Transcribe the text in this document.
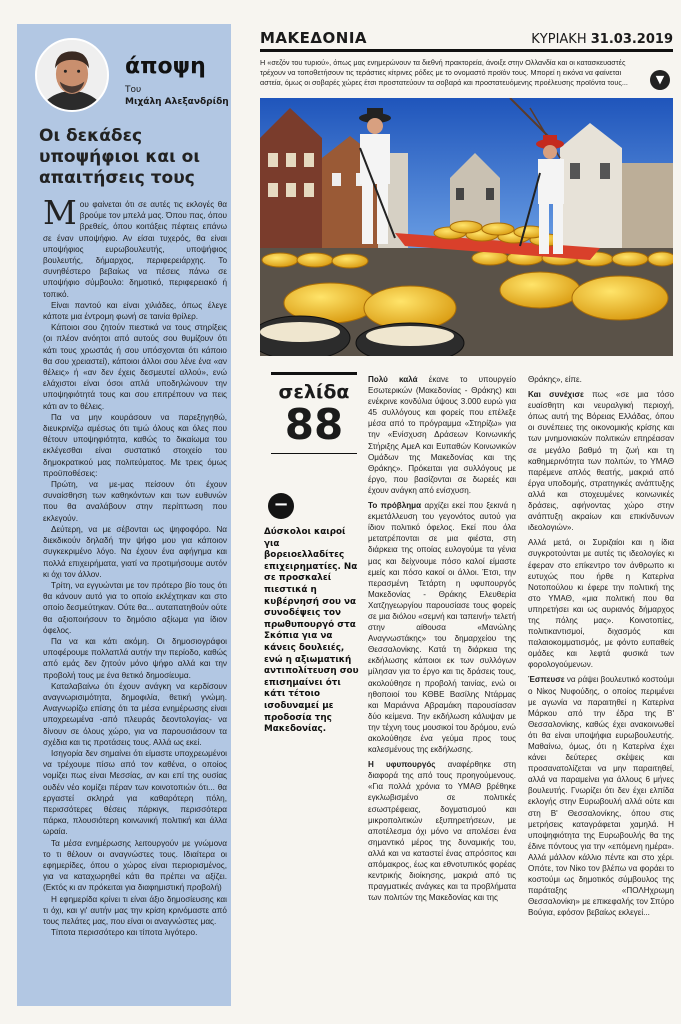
άποψη
Του
Μιχάλη Αλεξανδρίδη
Οι δεκάδες υποψήφιοι και οι απαιτήσεις τους

Μου φαίνεται ότι σε αυτές τις εκλογές θα βρούμε τον μπελά μας. Όπου πας, όπου βρεθείς, όπου κοιτάξεις πέφτεις επάνω σε έναν υποψήφιο. Αν είσαι τυχερός, θα είναι υποψήφιος ευρωβουλευτής, υποψήφιος βουλευτής, δήμαρχος, περιφερειάρχης. Το συνηθέστερο βεβαίως να πέσεις πάνω σε υποψήφιο σύμβουλο: δημοτικό, περιφερειακό ή τοπικό.

Είναι παντού και είναι χιλιάδες, όπως έλεγε κάποτε μια έντρομη φωνή σε ταινία θρίλερ.

Κάποιοι σου ζητούν πιεστικά να τους στηρίξεις (οι πλέον ανόητοι από αυτούς σου θυμίζουν ότι κάτι τους χρωστάς ή σου υπόσχονται ότι κάποιο θα σου χρειαστεί), κάποιοι άλλοι σου λένε ένα «αν θέλεις» ή «αν δεν έχεις δεσμευτεί αλλού», ενώ ελάχιστοι είναι όσοι απλά υποδηλώνουν την υποψηφιότητά τους και σου επιτρέπουν να πεις κάτι αν το θέλεις.

Πα να μην κουράσουν να παρεξηγηθώ, διευκρινίζω αμέσως ότι τιμώ όλους και όλες που θέτουν υποψηφιότητα, καθώς το δικαίωμα του εκλέγεσθαι είναι συστατικό στοιχείο του δημοκρατικού μας πολιτεύματος. Με τρεις όμως προϋποθέσεις:

Πρώτη, να με-μας πείσουν ότι έχουν συναίσθηση των καθηκόντων και των ευθυνών που θα αναλάβουν στην περίπτωση που εκλεγούν.

Δεύτερη, να με σέβονται ως ψηφοφόρο. Να διεκδικούν δηλαδή την ψήφο μου για κάποιον συγκεκριμένο λόγο. Να έχουν ένα αφήγημα και πολλά επιχειρήματα, γιατί να προτιμήσουμε αυτόν κι όχι τον άλλον.

Τρίτη, να εγγυώνται με τον πρότερο βίο τους ότι θα κάνουν αυτό για το οποίο εκλέχτηκαν και στο οποίο δεσμεύτηκαν. Ούτε θα... αυταπατηθούν ούτε θα αξιοποιήσουν το δημόσιο αξίωμα για ίδιον όφελος.

Πα να και κάτι ακόμη. Οι δημοσιογράφοι υποφέρουμε πολλαπλά αυτήν την περίοδο, καθώς από εμάς δεν ζητούν μόνο ψήφο αλλά και την προβολή τους με ένα θετικό δημοσίευμα.

Καταλαβαίνω ότι έχουν ανάγκη να κερδίσουν αναγνωρισιμότητα, δημοφιλία, θετική γνώμη. Αναγνωρίζω επίσης ότι τα μέσα ενημέρωσης είναι υποχρεωμένα -από πλευράς δεοντολογίας- να δίνουν σε όλους χώρο, για να παρουσιάσουν τα σχέδια και τις προτάσεις τους. Αλλά ως εκεί.

Ισηγορία δεν σημαίνει ότι είμαστε υποχρεωμένοι να τρέχουμε πίσω από τον καθένα, ο οποίος νομίζει πως είναι Μεσσίας, αν και επί της ουσίας ουδέν νέο κομίζει πέραν των κοινοτοπιών ότι... θα εργαστεί σκληρά για καθαρότερη πόλη, περισσότερες θέσεις πάρκιγκ, περισσότερα πάρκα, πλουσιότερη κοινωνική πολιτική και άλλα ωραία.

Τα μέσα ενημέρωσης λειτουργούν με γνώμονα το τι θέλουν οι αναγνώστες τους. Ιδιαίτερα οι εφημερίδες, όπου ο χώρος είναι περιορισμένος, για να καταχωρηθεί κάτι θα πρέπει να αξίζει. (Εκτός κι αν πρόκειται για διαφημιστική προβολή)

Η εφημερίδα κρίνει τι είναι άξιο δημοσίευσης και τι όχι, και γι' αυτήν μας την κρίση κρινόμαστε από τους πελάτες μας, που είναι οι αναγνώστες μας.

Τίποτα περισσότερο και τίποτα λιγότερο.

ΜΑΚΕΔΟΝΙΑ	ΚΥΡΙΑΚΗ 31.03.2019
Η «σεζόν του τυριού», όπως μας ενημερώνουν τα διεθνή πρακτορεία, άνοιξε στην Ολλανδία και οι κατασκευαστές τρέχουν να τοποθετήσουν τις τεράστιες κίτρινες ρόδες με το ονομαστό προϊόν τους. Μπορεί η εικόνα να φαίνεται αστεία, όμως οι σοβαρές χώρες έτσι προστατεύουν τα σοβαρά και προστατευόμενης προέλευσης προϊόντα τους...	▼
σελίδα
88
−
Δύσκολοι καιροί για βορειοελλαδίτες επιχειρηματίες. Να σε προσκαλεί πιεστικά η κυβέρνησή σου να συνοδέψεις τον πρωθυπουργό στα Σκόπια για να κάνεις δουλειές, ενώ η αξιωματική αντιπολίτευση σου επισημαίνει ότι κάτι τέτοιο ισοδυναμεί με προδοσία της Μακεδονίας.

Πολύ καλά έκανε το υπουργείο Εσωτερικών (Μακεδονίας - Θράκης) και ενέκρινε κονδύλια ύψους 3.000 ευρώ για 45 συλλόγους και φορείς που επέλεξε μέσα από το πρόγραμμα «Στηρίζω» για την «Ενίσχυση Δράσεων Κοινωνικής Στήριξης ΑμεΑ και Ευπαθών Κοινωνικών Ομάδων της Μακεδονίας και της Θράκης». Πρόκειται για συλλόγους με έργο, που βασίζονται σε δωρεές και έχουν ανάγκη από ενίσχυση.

Το πρόβλημα αρχίζει εκεί που ξεκινά η εκμετάλλευση του γεγονότος αυτού για ίδιον πολιτικό όφελος. Εκεί που όλα μετατρέπονται σε μια φιέστα, στη διάρκεια της οποίας ευλογούμε τα γένια μας και δείχνουμε πόσο καλοί είμαστε εμείς και πόσο κακοί οι άλλοι. Έτσι, την περασμένη Τετάρτη η υφυπουργός Μακεδονίας - Θράκης Ελευθερία Χατζηγεωργίου παρουσίασε τους φορείς σε μια διόλου «σεμνή και ταπεινή» τελετή στην αίθουσα «Μανώλης Αναγνωστάκης» του δημαρχείου της Θεσσαλονίκης. Κατά τη διάρκεια της εκδήλωσης κάποιοι εκ των συλλόγων μίλησαν για το έργο και τις δράσεις τους, ακολούθησε η προβολή ταινίας, ενώ οι ηθοποιοί του ΚΘΒΕ Βασίλης Ντάρμας και Μαριάννα Αβραμάκη παρουσίασαν δύο κείμενα. Την εκδήλωση κάλυψαν με την τέχνη τους μουσικοί του δρόμου, ενώ ακολούθησε ένα γεύμα προς τους καλεσμένους της εκδήλωσης.

Η υφυπουργός αναφέρθηκε στη διαφορά της από τους προηγούμενους. «Για πολλά χρόνια το ΥΜΑΘ βρέθηκε εγκλωβισμένο σε πολιτικές εσωστρέφειας, δογματισμού και μικροπολιτικών εξυπηρετήσεων, με αποτέλεσμα όχι μόνο να απολέσει ένα σημαντικό μέρος της δυναμικής του, αλλά και να καταστεί ένας απρόσιτος και απόμακρος, έως και εθνοτυπικός φορέας κεντρικής διοίκησης, μακριά από τις πραγματικές ανάγκες και τα προβλήματα των πολιτών της Μακεδονίας και της

Θράκης», είπε.

Και συνέχισε πως «σε μια τόσο ευαίσθητη και νευραλγική περιοχή, όπως αυτή της Βόρειας Ελλάδας, όπου οι συνέπειες της οικονομικής κρίσης και των μνημονιακών πολιτικών επηρέασαν σε μεγάλο βαθμό τη ζωή και τη καθημερινότητα των πολιτών, το ΥΜΑΘ παρέμενε απλός θεατής, μακριά από έργα υποδομής, στρατηγικές ανάπτυξης αλλά και στοχευμένες κοινωνικές δράσεις, αφήνοντας χώρο στην ανάπτυξη ακραίων και επικίνδυνων ιδεολογιών».

Αλλά μετά, οι Συριζαίοι και η ίδια συγκροτούνται με αυτές τις ιδεολογίες κι έφεραν στο επίκεντρο τον άνθρωπο κι ευτυχώς που ήρθε η Κατερίνα Νοτοπούλου κι έφερε την πολιτική της στο ΥΜΑΘ, «μια πολιτική που θα υπηρετήσει και ως αυριανός δήμαρχος της πόλης μας». Κοινοτοπίες, πολιτικαντισμοί, διχασμός και παλαιοκομματισμός, με φόντο ευπαθείς ομάδες και λεφτά φυσικά των φορολογούμενων.

Έσπευσε να ράψει βουλευτικό κοστούμι ο Νίκος Νυφούδης, ο οποίος περιμένει με αγωνία να παραιτηθεί η Κατερίνα Μάρκου από την έδρα της Β' Θεσσαλονίκης, καθώς έχει ανακοινωθεί ότι θα είναι υποψήφια ευρωβουλευτής. Μαθαίνω, όμως, ότι η Κατερίνα έχει κάνει δεύτερες σκέψεις και προσανατολίζεται να μην παραιτηθεί, αλλά να παραμείνει για άλλους 6 μήνες βουλευτής. Γνωρίζει ότι δεν έχει ελπίδα εκλογής στην Ευρωβουλή αλλά ούτε και στη Β' Θεσσαλονίκης, όπου στις μετρήσεις καταγράφεται χαμηλά. Η υποψηφιότητα της Ευρωβουλής θα της έδινε πόντους για την «επόμενη ημέρα». Αλλά μάλλον κάλλιο πέντε και στο χέρι. Οπότε, τον Νίκο τον βλέπω να φοράει το κοστούμι ως δημοτικός σύμβουλος της παράταξης «ΠΟΛΗχρωμη Θεσσαλονίκη» με επικεφαλής τον Σπύρο Βούγια, εφόσον βεβαίως εκλεγεί...
